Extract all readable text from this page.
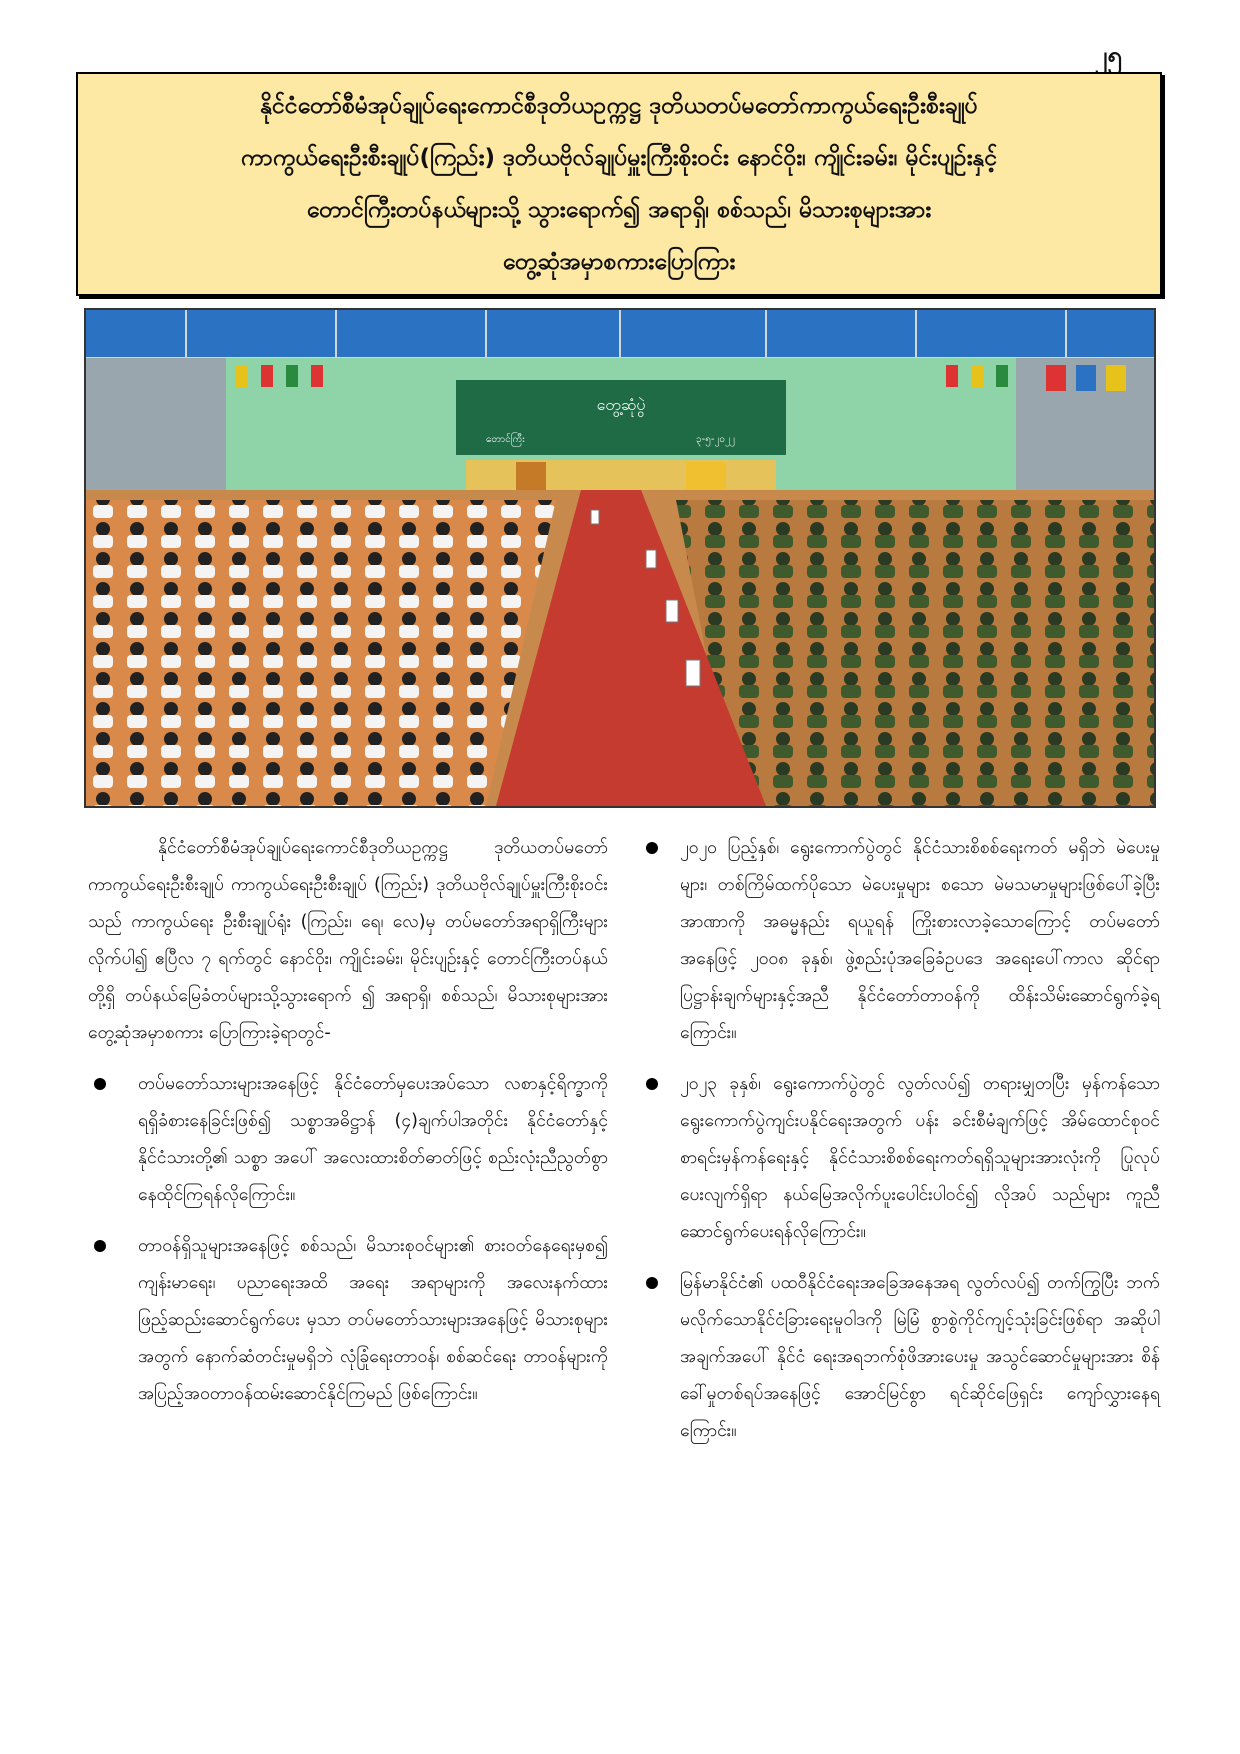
၂၅
နိုင်ငံတော်စီမံအုပ်ချုပ်ရေးကောင်စီဒုတိယဥက္ကဋ္ဌ ဒုတိယတပ်မတော်ကာကွယ်ရေးဦးစီးချုပ်
ကာကွယ်ရေးဦးစီးချုပ်(ကြည်း) ဒုတိယဗိုလ်ချုပ်မှူးကြီးစိုးဝင်း နောင်ဝိုး၊ ကျိုင်းခမ်း၊ မိုင်းပျဉ်းနှင့်
တောင်ကြီးတပ်နယ်များသို့ သွားရောက်၍ အရာရှိ၊ စစ်သည်၊ မိသားစုများအား
တွေ့ဆုံအမှာစကားပြောကြား
တွေ့ဆုံပွဲ
တောင်ကြီး	၃-၅-၂၀၂၂

နိုင်ငံတော်စီမံအုပ်ချုပ်ရေးကောင်စီဒုတိယဥက္ကဋ္ဌ ဒုတိယတပ်မတော်ကာကွယ်ရေးဦးစီးချုပ် ကာကွယ်ရေးဦးစီးချုပ် (ကြည်း) ဒုတိယဗိုလ်ချုပ်မှူးကြီးစိုးဝင်းသည် ကာကွယ်ရေး ဦးစီးချုပ်ရုံး (ကြည်း၊ ရေ၊ လေ)မှ တပ်မတော်အရာရှိကြီးများ လိုက်ပါ၍ ဧပြီလ ၇ ရက်တွင် နောင်ဝိုး၊ ကျိုင်းခမ်း၊ မိုင်းပျဉ်းနှင့် တောင်ကြီးတပ်နယ်တို့ရှိ တပ်နယ်မြေခံတပ်များသို့သွားရောက် ၍ အရာရှိ၊ စစ်သည်၊ မိသားစုများအား တွေ့ဆုံအမှာစကား ပြောကြားခဲ့ရာတွင်-

တပ်မတော်သားများအနေဖြင့် နိုင်ငံတော်မှပေးအပ်သော လစာနှင့်ရိက္ခာကို ရရှိခံစားနေခြင်းဖြစ်၍ သစ္စာအဓိဋ္ဌာန် (၄)ချက်ပါအတိုင်း နိုင်ငံတော်နှင့် နိုင်ငံသားတို့၏ သစ္စာ အပေါ် အလေးထားစိတ်ဓာတ်ဖြင့် စည်းလုံးညီညွတ်စွာ နေထိုင်ကြရန်လိုကြောင်း။
တာဝန်ရှိသူများအနေဖြင့် စစ်သည်၊ မိသားစုဝင်များ၏ စားဝတ်နေရေးမှစ၍ ကျန်းမာရေး၊ ပညာရေးအထိ အရေး အရာများကို အလေးနက်ထားဖြည့်ဆည်းဆောင်ရွက်ပေး မှသာ တပ်မတော်သားများအနေဖြင့် မိသားစုများအတွက် နောက်ဆံတင်းမှုမရှိဘဲ လုံခြုံရေးတာဝန်၊ စစ်ဆင်ရေး တာဝန်များကို အပြည့်အဝတာဝန်ထမ်းဆောင်နိုင်ကြမည် ဖြစ်ကြောင်း။
၂၀၂၀ ပြည့်နှစ်၊ ရွေးကောက်ပွဲတွင် နိုင်ငံသားစိစစ်ရေးကတ် မရှိဘဲ မဲပေးမှုများ၊ တစ်ကြိမ်ထက်ပိုသော မဲပေးမှုများ စသော မဲမသမာမှုများဖြစ်ပေါ်ခဲ့ပြီး အာဏာကို အဓမ္မနည်း ရယူရန် ကြိုးစားလာခဲ့သောကြောင့် တပ်မတော်အနေဖြင့် ၂၀၀၈ ခုနှစ်၊ ဖွဲ့စည်းပုံအခြေခံဥပဒေ အရေးပေါ်ကာလ ဆိုင်ရာ ပြဋ္ဌာန်းချက်များနှင့်အညီ နိုင်ငံတော်တာဝန်ကို ထိန်းသိမ်းဆောင်ရွက်ခဲ့ရကြောင်း။
၂၀၂၃ ခုနှစ်၊ ရွေးကောက်ပွဲတွင် လွတ်လပ်၍ တရားမျှတပြီး မှန်ကန်သော ရွေးကောက်ပွဲကျင်းပနိုင်ရေးအတွက် ပန်း ခင်းစီမံချက်ဖြင့် အိမ်ထောင်စုဝင်စာရင်းမှန်ကန်ရေးနှင့် နိုင်ငံသားစိစစ်ရေးကတ်ရရှိသူများအားလုံးကို ပြုလုပ် ပေးလျက်ရှိရာ နယ်မြေအလိုက်ပူးပေါင်းပါဝင်၍ လိုအပ် သည်များ ကူညီဆောင်ရွက်ပေးရန်လိုကြောင်း။
မြန်မာနိုင်ငံ၏ ပထဝီနိုင်ငံရေးအခြေအနေအရ လွတ်လပ်၍ တက်ကြွပြီး ဘက်မလိုက်သောနိုင်ငံခြားရေးမူဝါဒကို မြဲမြံ စွာစွဲကိုင်ကျင့်သုံးခြင်းဖြစ်ရာ အဆိုပါအချက်အပေါ် နိုင်ငံ ရေးအရဘက်စုံဖိအားပေးမှု အသွင်ဆောင်မှုများအား စိန် ခေါ်မှုတစ်ရပ်အနေဖြင့် အောင်မြင်စွာ ရင်ဆိုင်ဖြေရှင်း ကျော်လွှားနေရကြောင်း။
